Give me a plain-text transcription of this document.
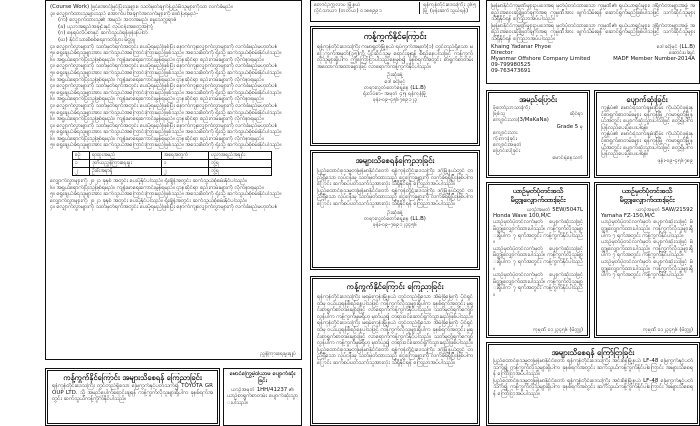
(Course Work) ဖြင့်အောင်မြင်ပြီးသူများ။ သတ်မှတ်ချက်ပြည့်မီသူများကိုသာ လက်ခံမည်။
၃။ လျှောက်ထားသူများသည် အောက်ပါအချက်အလက်များကို ဖော်ပြရမည်-
(က) လျှောက်ထားသူ၏ အမည်၊ အဘအမည်၊ မွေးသက္ကရာဇ်
(ခ) ပညာအရည်အချင်းနှင့် လုပ်ငန်းအတွေ့အကြုံ
(ဂ) နေရပ်လိပ်စာနှင့် ဆက်သွယ်ရန်ဖုန်းနံပါတ်
(ဃ) နိုင်ငံသားစိစစ်ရေးကတ်ပြား မိတ္တူ
၄။ လျှောက်လွှာများကို သတ်မှတ်ရက်အတွင်း ပေးပို့ရမည်ဖြစ်ပြီး နောက်ကျလျှောက်လွှာများကို လက်ခံမည်မဟုတ်ပါ။
၅။ ရွေးချယ်ခံရသူများအား ဆက်သွယ်အကြောင်းကြားမည်ဖြစ်သည်။ အသေးစိတ်ကို ရုံးသို့ ဆက်သွယ်စုံစမ်းနိုင်ပါသည်။
၆။ အရွယ်ရောက်ပြီးသူဖြစ်ရမည်။ ကျန်းမာရေးကောင်းမွန်ရမည်။ ဌာနဆိုင်ရာ စည်းကမ်းများကို လိုက်နာရမည်။
၄။ လျှောက်လွှာများကို သတ်မှတ်ရက်အတွင်း ပေးပို့ရမည်ဖြစ်ပြီး နောက်ကျလျှောက်လွှာများကို လက်ခံမည်မဟုတ်ပါ။
၅။ ရွေးချယ်ခံရသူများအား ဆက်သွယ်အကြောင်းကြားမည်ဖြစ်သည်။ အသေးစိတ်ကို ရုံးသို့ ဆက်သွယ်စုံစမ်းနိုင်ပါသည်။
၆။ အရွယ်ရောက်ပြီးသူဖြစ်ရမည်။ ကျန်းမာရေးကောင်းမွန်ရမည်။ ဌာနဆိုင်ရာ စည်းကမ်းများကို လိုက်နာရမည်။
၄။ လျှောက်လွှာများကို သတ်မှတ်ရက်အတွင်း ပေးပို့ရမည်ဖြစ်ပြီး နောက်ကျလျှောက်လွှာများကို လက်ခံမည်မဟုတ်ပါ။
၅။ ရွေးချယ်ခံရသူများအား ဆက်သွယ်အကြောင်းကြားမည်ဖြစ်သည်။ အသေးစိတ်ကို ရုံးသို့ ဆက်သွယ်စုံစမ်းနိုင်ပါသည်။
၆။ အရွယ်ရောက်ပြီးသူဖြစ်ရမည်။ ကျန်းမာရေးကောင်းမွန်ရမည်။ ဌာနဆိုင်ရာ စည်းကမ်းများကို လိုက်နာရမည်။
၄။ လျှောက်လွှာများကို သတ်မှတ်ရက်အတွင်း ပေးပို့ရမည်ဖြစ်ပြီး နောက်ကျလျှောက်လွှာများကို လက်ခံမည်မဟုတ်ပါ။
၅။ ရွေးချယ်ခံရသူများအား ဆက်သွယ်အကြောင်းကြားမည်ဖြစ်သည်။ အသေးစိတ်ကို ရုံးသို့ ဆက်သွယ်စုံစမ်းနိုင်ပါသည်။
၆။ အရွယ်ရောက်ပြီးသူဖြစ်ရမည်။ ကျန်းမာရေးကောင်းမွန်ရမည်။ ဌာနဆိုင်ရာ စည်းကမ်းများကို လိုက်နာရမည်။
၄။ လျှောက်လွှာများကို သတ်မှတ်ရက်အတွင်း ပေးပို့ရမည်ဖြစ်ပြီး နောက်ကျလျှောက်လွှာများကို လက်ခံမည်မဟုတ်ပါ။
၅။ ရွေးချယ်ခံရသူများအား ဆက်သွယ်အကြောင်းကြားမည်ဖြစ်သည်။ အသေးစိတ်ကို ရုံးသို့ ဆက်သွယ်စုံစမ်းနိုင်ပါသည်။
၆။ အရွယ်ရောက်ပြီးသူဖြစ်ရမည်။ ကျန်းမာရေးကောင်းမွန်ရမည်။ ဌာနဆိုင်ရာ စည်းကမ်းများကို လိုက်နာရမည်။
၅။ ရွေးချယ်ခံရသူများအား ဆက်သွယ်အကြောင်းကြားမည်ဖြစ်သည်။ အသေးစိတ်ကို ရုံးသို့ ဆက်သွယ်စုံစမ်းနိုင်ပါသည်။
စဉ်	ရာထူးအမည်	အရေအတွက်	ပညာအရည်အချင်း
၁	ဒုတိယညွှန်ကြားရေးမှူး	၁	ဘွဲ့ရ
၂	ဦးစီးအရာရှိ	၂	ဘွဲ့ရ
လျှောက်လွှာများကို ၂၀၂၁ ခုနှစ် အတွင်း ပေးပို့နိုင်ပါသည်။ ရုံးချိန်အတွင်း ဆက်သွယ်စုံစမ်းနိုင်ပါသည်။
၆။ အရွယ်ရောက်ပြီးသူဖြစ်ရမည်။ ကျန်းမာရေးကောင်းမွန်ရမည်။ ဌာနဆိုင်ရာ စည်းကမ်းများကို လိုက်နာရမည်။
၅။ ရွေးချယ်ခံရသူများအား ဆက်သွယ်အကြောင်းကြားမည်ဖြစ်သည်။ အသေးစိတ်ကို ရုံးသို့ ဆက်သွယ်စုံစမ်းနိုင်ပါသည်။
လျှောက်လွှာများကို ၂၀၂၁ ခုနှစ် အတွင်း ပေးပို့နိုင်ပါသည်။ ရုံးချိန်အတွင်း ဆက်သွယ်စုံစမ်းနိုင်ပါသည်။
၄။ လျှောက်လွှာများကို သတ်မှတ်ရက်အတွင်း ပေးပို့ရမည်ဖြစ်ပြီး နောက်ကျလျှောက်လွှာများကို လက်ခံမည်မဟုတ်ပါ။
ညွှန်ကြားရေးမှူးချုပ်
ကန့်ကွက်နိုင်ကြောင်း အများသိစေရန် ကြေညာခြင်း
ရန်ကုန်တိုင်းဒေသကြီး တွင်တည်ရှိသော မြေကွက်နှင့်ပတ်သက်၍ TOYOTA GROUP LTD. သို့ အမည်ပေါက်ရောင်းချရန် ကန့်ကွက်လိုသူများရှိပါက ခုနစ်ရက်အတွင်း ဆက်သွယ်ကန့်ကွက်နိုင်ပါသည်။
မောင်ကြွေမဲ့ဝါယာမ ပျောက်ဆုံးခြင်း
ယာဉ်အမှတ် 1HH/41237 ၏
ယာဉ်စာရွက်စာတမ်း ပျောက်ဆုံးသွားပါသည်။
တောင်ဥက္ကလာပ မြို့နယ်
လှိုင်သာယာ (တတိယ) ၀၁၈၈၉၉၁
ရန်ကုန်တိုင်းဒေသကြီး ၃၆၅
မြို့ (ဖုန်းဆက်သွယ်ရန်)
ကန့်ကွက်နိုင်ကြောင်း
ရန်ကုန်တိုင်းဒေသကြီး ကမာရွတ်မြို့နယ် ရပ်ကွက်အမှတ်(၁) တွင်တည်ရှိသော မြေကွက်အမှတ်(၃၅)ကို ပိုင်ဆိုင်သူမှ ရောင်းချရန် စီစဉ်နေပါသဖြင့် ကန့်ကွက်လိုသူများရှိပါက ဤကြော်ငြာပါသည့်နေ့မှစ၍ ခုနစ်ရက်အတွင်း စာရွက်စာတမ်း အထောက်အထားများဖြင့် လာရောက်ကန့်ကွက်နိုင်ပါသည်။
ဦးဆုံခန့်
ဒေါ်ခင်မြင့်
တရားလွှတ်တော်ရှေ့နေ (LL.B)
ရုံးလိပ်စာ- အမှတ် ၄၅၊ ရန်ကုန်မြို့
ဖုန်း-၀၉-၄၅၆၇၈၉၁၂၃
အများသိစေရန်ကြေညာခြင်း
ပြည်ထောင်စုသမ္မတမြန်မာနိုင်ငံတော် ရန်ကုန်တိုင်းဒေသကြီး ဒဂုံမြို့နယ်တွင် တည်ရှိသော လုပ်ငန်းမှ သတ်မှတ်ထားသည့် ငွေကြေးများကို လက်ခံရရှိပြီးဖြစ်ပါကြောင်း ဆက်စပ်ပတ်သက်သူအားလုံး သိရှိနိုင်ရန် ကြေညာအပ်ပါသည်။
ပြည်ထောင်စုသမ္မတမြန်မာနိုင်ငံတော် ရန်ကုန်တိုင်းဒေသကြီး ဒဂုံမြို့နယ်တွင် တည်ရှိသော လုပ်ငန်းမှ သတ်မှတ်ထားသည့် ငွေကြေးများကို လက်ခံရရှိပြီးဖြစ်ပါကြောင်း ဆက်စပ်ပတ်သက်သူအားလုံး သိရှိနိုင်ရန် ကြေညာအပ်ပါသည်။
ဦးဆုံခန့်
တရားလွှတ်တော်ရှေ့နေ (LL.B)
ဖုန်း-၀၉-၇၈၉၁၂၃၄၅၆
ကန့်ကွက်နိုင်ကြောင်း ကြေညာခြင်း
ရန်ကုန်တိုင်းဒေသကြီး မရမ်းကုန်းမြို့နယ် တွင်တည်ရှိသော အိမ်ခြံမြေကို ပိုင်ရှင်ထံမှ ဝယ်ယူရန်စီစဉ်နေပါသဖြင့် ကန့်ကွက်လိုသူများရှိပါက ခုနစ်ရက်အတွင်း မူရင်းစာရွက်စာတမ်းများဖြင့် လာရောက်ကန့်ကွက်နိုင်ပါသည်။ သတ်မှတ်ရက်ကျော်လွန်ပါက ကန့်ကွက်မှုမရှိဟု မှတ်ယူ၍ တရားဝင်ဆောင်ရွက်သွားမည်ဖြစ်ပါသည်။
ရန်ကုန်တိုင်းဒေသကြီး မရမ်းကုန်းမြို့နယ် တွင်တည်ရှိသော အိမ်ခြံမြေကို ပိုင်ရှင်ထံမှ ဝယ်ယူရန်စီစဉ်နေပါသဖြင့် ကန့်ကွက်လိုသူများရှိပါက ခုနစ်ရက်အတွင်း မူရင်းစာရွက်စာတမ်းများဖြင့် လာရောက်ကန့်ကွက်နိုင်ပါသည်။ သတ်မှတ်ရက်ကျော်လွန်ပါက ကန့်ကွက်မှုမရှိဟု မှတ်ယူ၍ တရားဝင်ဆောင်ရွက်သွားမည်ဖြစ်ပါသည်။
ပြည်ထောင်စုသမ္မတမြန်မာနိုင်ငံတော် ရန်ကုန်တိုင်းဒေသကြီး ဒဂုံမြို့နယ်တွင် တည်ရှိသော လုပ်ငန်းမှ သတ်မှတ်ထားသည့် ငွေကြေးများကို လက်ခံရရှိပြီးဖြစ်ပါကြောင်း ဆက်စပ်ပတ်သက်သူအားလုံး သိရှိနိုင်ရန် ကြေညာအပ်ပါသည်။
မြန်မာနိုင်ငံကုမ္ပဏီများဥပဒေအရ မှတ်ပုံတင်ထားသော ကုမ္ပဏီ၏ ရှယ်ယာရှင်များ၊ ဒါရိုက်တာများအဖွဲ့ အစည်းအဝေးဆုံးဖြတ်ချက်အရ ကုမ္ပဏီအား ဖျက်သိမ်းရန် ဆောင်ရွက်မည်ဖြစ်ပါသဖြင့် သက်ဆိုင်သူများ သိရှိနိုင်ရန် ကြေညာအပ်ပါသည်။
မြန်မာနိုင်ငံကုမ္ပဏီများဥပဒေအရ မှတ်ပုံတင်ထားသော ကုမ္ပဏီ၏ ရှယ်ယာရှင်များ၊ ဒါရိုက်တာများအဖွဲ့ အစည်းအဝေးဆုံးဖြတ်ချက်အရ ကုမ္ပဏီအား ဖျက်သိမ်းရန် ဆောင်ရွက်မည်ဖြစ်ပါသဖြင့် သက်ဆိုင်သူများ သိရှိနိုင်ရန် ကြေညာအပ်ပါသည်။
Khaing Yadanar Phyoe
Director
Myanmar Offshore Company Limited
ဒေါ်ခင်မြင့် (LL.B)
ဆောင်းပါးရှင်
MADF Member Number-2014A
09-799980525
09-763473691
အမည်ပြောင်း
ဖို့ဘော်ညာသားကြီး
ဖြစ်သူ	ဆိုင်ရာ
ကျောင်းသား(3/MaKaNa)
Grade 5 မှ
ကျောင်းသား
ကိုးကားခြင်း
ကျောင်းအမှတ်
ပြောင်းလဲခြင်း
မောင်ရဲနေသက်
ပျောက်ဆုံးခြင်း
ကျွန်ုပ်၏ မောင်ရဲသက်ချမ်းငြိမ်း ကိုယ်ပိုင်ဖုန်းနှင့်စာရွက်စာတမ်းများ ရန်ကုန်မြို့ ကမာရွတ်မြို့နယ်အတွင်း ပျောက်ဆုံးသွားပါသဖြင့် တွေ့ရှိပါက ပြန်လည်ပေးပို့ပေးပါရန်။
ကျွန်ုပ်၏ မောင်ရဲသက်ချမ်းငြိမ်း ကိုယ်ပိုင်ဖုန်းနှင့်စာရွက်စာတမ်းများ ရန်ကုန်မြို့ ကမာရွတ်မြို့နယ်အတွင်း ပျောက်ဆုံးသွားပါသဖြင့် တွေ့ရှိပါက ပြန်လည်ပေးပို့ပေးပါရန်။
ဖုန်း-၀၉-၄၅၆၇၈၉
ယာဉ်မှတ်ပုံတင်အသိ
မိတ္တူလျှောက်ထားခြင်း
ယာဉ်အမှတ် 5EW/5047L
Honda Wave 100,M/C
ယာဉ်မှတ်ပုံတင်လက်မှတ် ပျောက်ဆုံးသဖြင့် မိတ္တူလျှောက်ထားပါသည်။ ကန့်ကွက်လိုသူများရှိပါက ၇ ရက်အတွင်း ကန့်ကွက်နိုင်ပါသည်။
ယာဉ်မှတ်ပုံတင်လက်မှတ် ပျောက်ဆုံးသဖြင့် မိတ္တူလျှောက်ထားပါသည်။ ကန့်ကွက်လိုသူများရှိပါက ၇ ရက်အတွင်း ကန့်ကွက်နိုင်ပါသည်။
ယာဉ်မှတ်ပုံတင်လက်မှတ် ပျောက်ဆုံးသဖြင့် မိတ္တူလျှောက်ထားပါသည်။ ကန့်ကွက်လိုသူများရှိပါက ၇ ရက်အတွင်း ကန့်ကွက်နိုင်ပါသည်။
ကုမ္ပဏီ ၀၁၂၃၄၅၆ (မိတ္တူ)
ယာဉ်မှတ်ပုံတင်အသိ
မိတ္တူလျှောက်ထားခြင်း
ယာဉ်အမှတ် 5AW/21592
Yamaha FZ-150,M/C
ယာဉ်မှတ်ပုံတင်လက်မှတ် ပျောက်ဆုံးသဖြင့် မိတ္တူလျှောက်ထားပါသည်။ ကန့်ကွက်လိုသူများရှိပါက ၇ ရက်အတွင်း ကန့်ကွက်နိုင်ပါသည်။
ယာဉ်မှတ်ပုံတင်လက်မှတ် ပျောက်ဆုံးသဖြင့် မိတ္တူလျှောက်ထားပါသည်။ ကန့်ကွက်လိုသူများရှိပါက ၇ ရက်အတွင်း ကန့်ကွက်နိုင်ပါသည်။
ယာဉ်မှတ်ပုံတင်လက်မှတ် ပျောက်ဆုံးသဖြင့် မိတ္တူလျှောက်ထားပါသည်။ ကန့်ကွက်လိုသူများရှိပါက ၇ ရက်အတွင်း ကန့်ကွက်နိုင်ပါသည်။
ကုမ္ပဏီ ၀၁၂၃၄၅၆ (မိတ္တူ)
အများသိစေရန် ကြော်ငြာခြင်း
ပြည်ထောင်စုသမ္မတမြန်မာနိုင်ငံတော် ရန်ကုန်တိုင်းဒေသကြီး အင်းစိန်မြို့နယ် LF-48 မြေကွက်နှင့်ပတ်သက်၍ ကန့်ကွက်လိုသူများရှိပါက ခုနစ်ရက်အတွင်း ဆက်သွယ်ကန့်ကွက်နိုင်ပါကြောင်း အများသိစေရန် ကြော်ငြာအပ်ပါသည်။
ပြည်ထောင်စုသမ္မတမြန်မာနိုင်ငံတော် ရန်ကုန်တိုင်းဒေသကြီး အင်းစိန်မြို့နယ် LF-48 မြေကွက်နှင့်ပတ်သက်၍ ကန့်ကွက်လိုသူများရှိပါက ခုနစ်ရက်အတွင်း ဆက်သွယ်ကန့်ကွက်နိုင်ပါကြောင်း အများသိစေရန် ကြော်ငြာအပ်ပါသည်။
